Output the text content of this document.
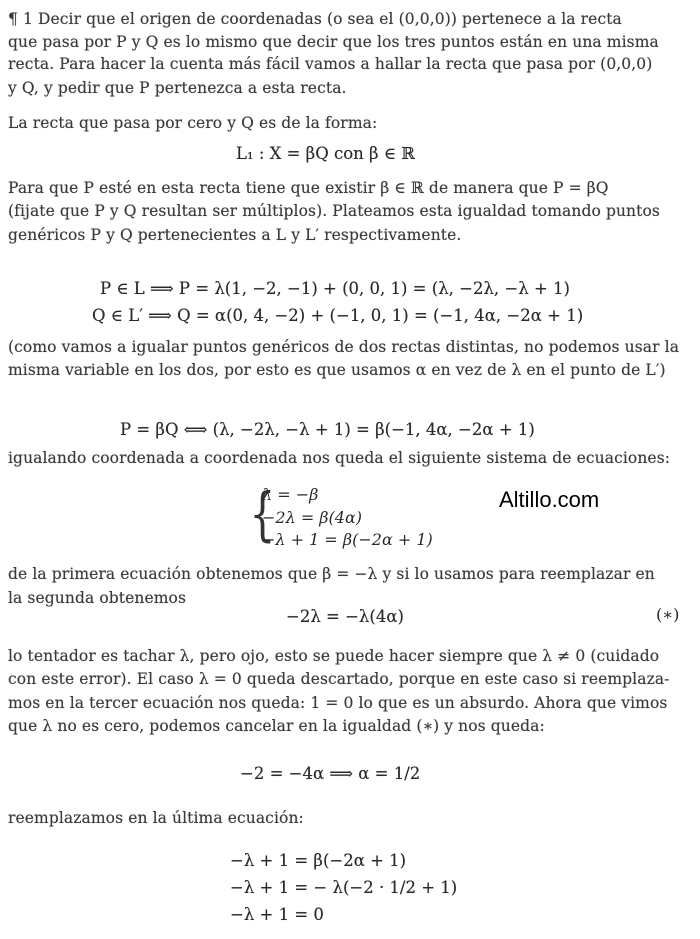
¶ 1 Decir que el origen de coordenadas (o sea el (0,0,0)) pertenece a la recta
que pasa por P y Q es lo mismo que decir que los tres puntos están en una misma
recta. Para hacer la cuenta más fácil vamos a hallar la recta que pasa por (0,0,0)
y Q, y pedir que P pertenezca a esta recta.
La recta que pasa por cero y Q es de la forma:
L₁ : X = βQ con β ∈ ℝ
Para que P esté en esta recta tiene que existir β ∈ ℝ de manera que P = βQ
(fijate que P y Q resultan ser múltiplos). Plateamos esta igualdad tomando puntos
genéricos P y Q pertenecientes a L y L′ respectivamente.
P ∈ L ⟹ P = λ(1, −2, −1) + (0, 0, 1) = (λ, −2λ, −λ + 1)
Q ∈ L′ ⟹ Q = α(0, 4, −2) + (−1, 0, 1) = (−1, 4α, −2α + 1)
(como vamos a igualar puntos genéricos de dos rectas distintas, no podemos usar la
misma variable en los dos, por esto es que usamos α en vez de λ en el punto de L′)
P = βQ ⟺ (λ, −2λ, −λ + 1) = β(−1, 4α, −2α + 1)
igualando coordenada a coordenada nos queda el siguiente sistema de ecuaciones:
{
λ = −β
−2λ = β(4α)
−λ + 1 = β(−2α + 1)
Altillo.com
de la primera ecuación obtenemos que β = −λ y si lo usamos para reemplazar en
la segunda obtenemos
−2λ = −λ(4α)	(∗)
lo tentador es tachar λ, pero ojo, esto se puede hacer siempre que λ ≠ 0 (cuidado
con este error). El caso λ = 0 queda descartado, porque en este caso si reemplaza-
mos en la tercer ecuación nos queda: 1 = 0 lo que es un absurdo. Ahora que vimos
que λ no es cero, podemos cancelar en la igualdad (∗) y nos queda:
−2 = −4α ⟹ α = 1/2
reemplazamos en la última ecuación:
−λ + 1 = β(−2α + 1)
−λ + 1 = − λ(−2 · 1/2 + 1)
−λ + 1 = 0
